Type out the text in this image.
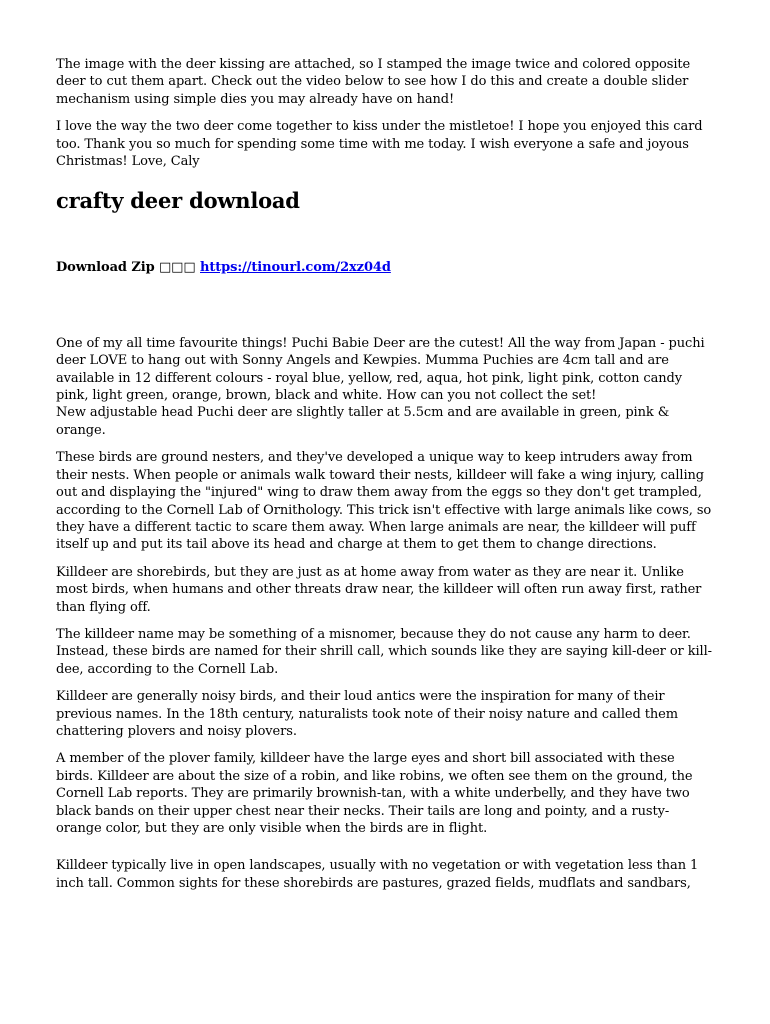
The image with the deer kissing are attached, so I stamped the image twice and colored opposite deer to cut them apart. Check out the video below to see how I do this and create a double slider mechanism using simple dies you may already have on hand!

I love the way the two deer come together to kiss under the mistletoe! I hope you enjoyed this card too. Thank you so much for spending some time with me today. I wish everyone a safe and joyous Christmas! Love, Caly

crafty deer download

Download Zip □□□ https://tinourl.com/2xz04d

One of my all time favourite things! Puchi Babie Deer are the cutest! All the way from Japan - puchi deer LOVE to hang out with Sonny Angels and Kewpies. Mumma Puchies are 4cm tall and are available in 12 different colours - royal blue, yellow, red, aqua, hot pink, light pink, cotton candy pink, light green, orange, brown, black and white. How can you not collect the set!
New adjustable head Puchi deer are slightly taller at 5.5cm and are available in green, pink & orange.

These birds are ground nesters, and they've developed a unique way to keep intruders away from their nests. When people or animals walk toward their nests, killdeer will fake a wing injury, calling out and displaying the "injured" wing to draw them away from the eggs so they don't get trampled, according to the Cornell Lab of Ornithology. This trick isn't effective with large animals like cows, so they have a different tactic to scare them away. When large animals are near, the killdeer will puff itself up and put its tail above its head and charge at them to get them to change directions.

Killdeer are shorebirds, but they are just as at home away from water as they are near it. Unlike most birds, when humans and other threats draw near, the killdeer will often run away first, rather than flying off.

The killdeer name may be something of a misnomer, because they do not cause any harm to deer. Instead, these birds are named for their shrill call, which sounds like they are saying kill-deer or kill-dee, according to the Cornell Lab.

Killdeer are generally noisy birds, and their loud antics were the inspiration for many of their previous names. In the 18th century, naturalists took note of their noisy nature and called them chattering plovers and noisy plovers.

A member of the plover family, killdeer have the large eyes and short bill associated with these birds. Killdeer are about the size of a robin, and like robins, we often see them on the ground, the Cornell Lab reports. They are primarily brownish-tan, with a white underbelly, and they have two black bands on their upper chest near their necks. Their tails are long and pointy, and a rusty-orange color, but they are only visible when the birds are in flight.

Killdeer typically live in open landscapes, usually with no vegetation or with vegetation less than 1 inch tall. Common sights for these shorebirds are pastures, grazed fields, mudflats and sandbars,
